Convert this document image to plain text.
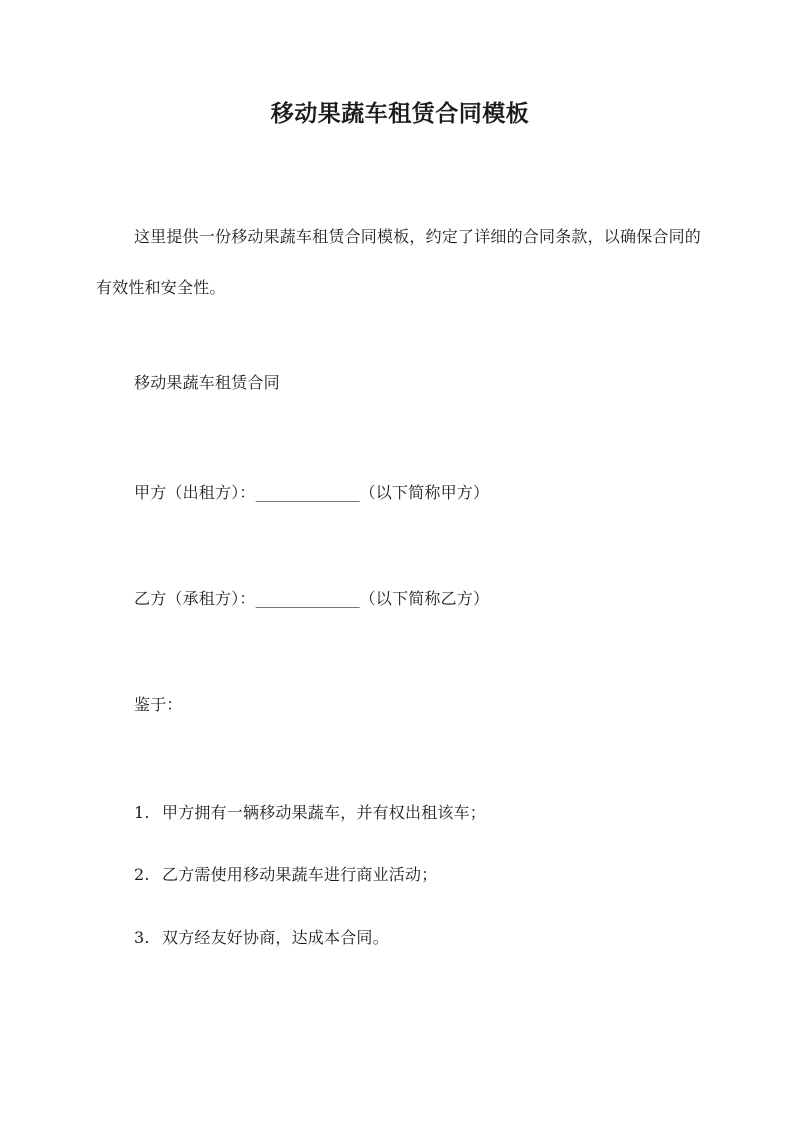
移动果蔬车租赁合同模板

这里提供一份移动果蔬车租赁合同模板，约定了详细的合同条款，以确保合同的有效性和安全性。

移动果蔬车租赁合同

甲方（出租方）：_____________（以下简称甲方）

乙方（承租方）：_____________（以下简称乙方）

鉴于：

1. 甲方拥有一辆移动果蔬车，并有权出租该车；

2. 乙方需使用移动果蔬车进行商业活动；

3. 双方经友好协商，达成本合同。
